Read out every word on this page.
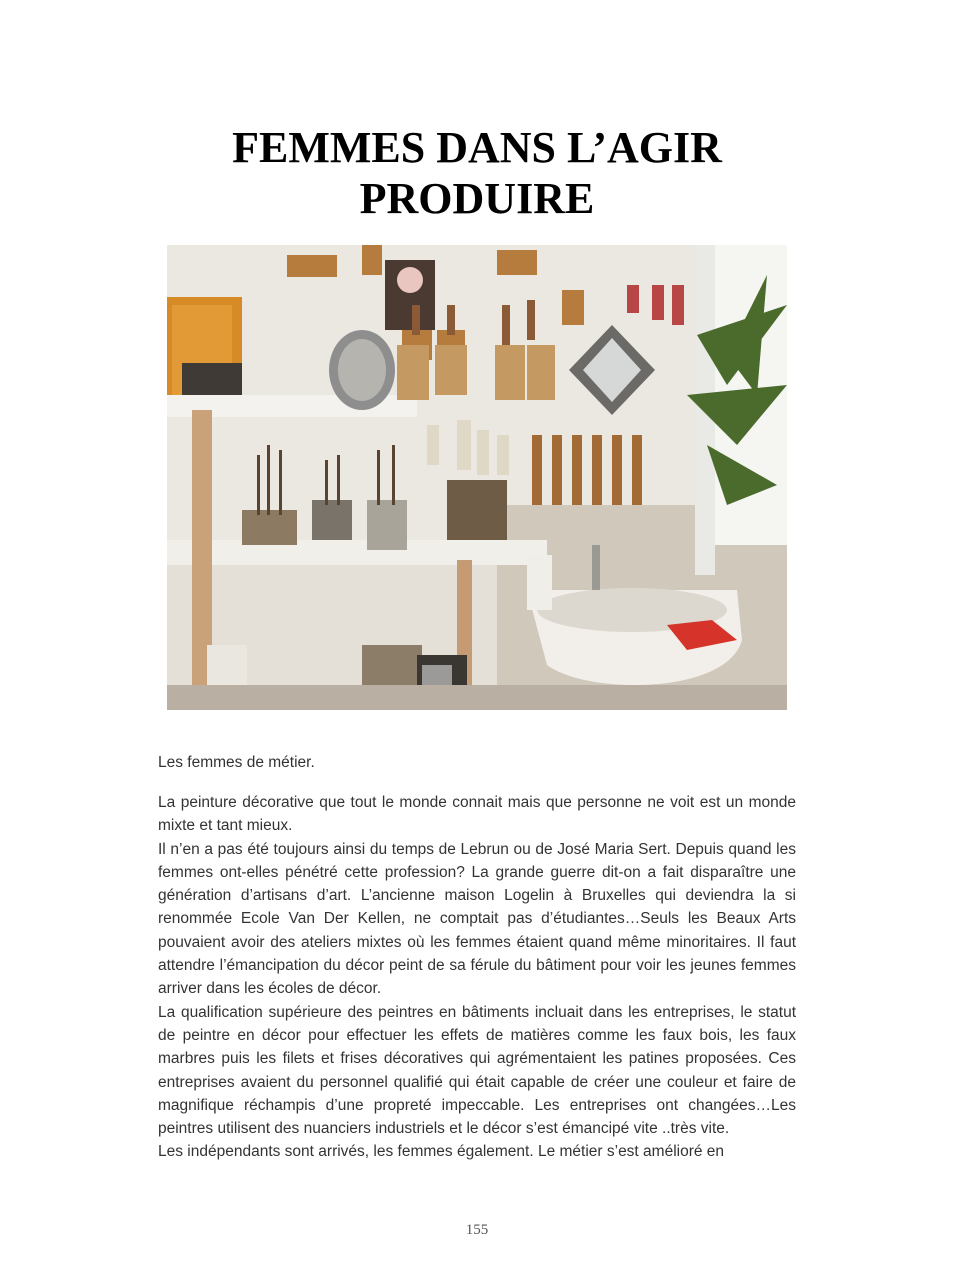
FEMMES DANS L’AGIR
PRODUIRE

Les femmes de métier.

La peinture décorative que tout le monde connait mais que personne ne voit est un monde mixte et tant mieux.

Il n’en a pas été toujours ainsi du temps de Lebrun ou de José Maria Sert. Depuis quand les femmes ont-elles pénétré cette profession? La grande guerre dit-on a fait disparaître une génération d’artisans d’art. L’ancienne maison Logelin à Bruxelles qui deviendra la si renommée Ecole Van Der Kellen, ne comptait pas d’étudiantes…Seuls les Beaux Arts pouvaient avoir des ateliers mixtes où les femmes étaient quand même minoritaires. Il faut attendre l’émancipation du décor peint de sa férule du bâtiment pour voir les jeunes femmes arriver dans les écoles de décor.

La qualification supérieure des peintres en bâtiments incluait dans les entreprises, le statut de peintre en décor pour effectuer les effets de matières comme les faux bois, les faux marbres puis les filets et frises décoratives qui agrémentaient les patines proposées. Ces entreprises avaient du personnel qualifié qui était capable de créer une couleur et faire de magnifique réchampis d’une propreté impeccable. Les entreprises ont changées…Les peintres utilisent des nuanciers industriels et le décor s’est émancipé vite ..très vite.

Les indépendants sont arrivés, les femmes également. Le métier s’est amélioré en

155
